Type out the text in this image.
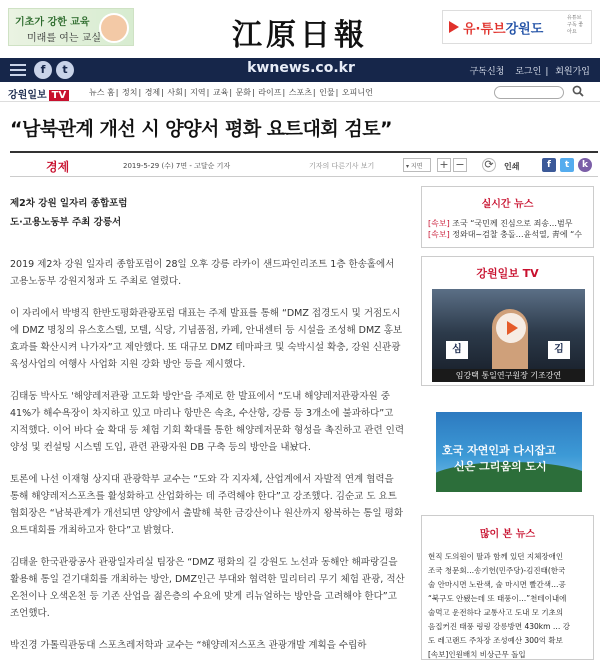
기초가 강한 교육
미래를 여는 교실	江原日報	유·튜브강원도
유튜브 구독 좋아요
f	t	kwnews.co.kr	구독신청 로그인 | 회원가입
강원일보 TV	뉴스 홈| 정치| 경제| 사회| 지역| 교육| 문화| 라이프| 스포츠| 인물| 오피니언
“남북관계 개선 시 양양서 평화 요트대회 검토”
경제	2019-5-29 (수) 7면 - 고달순 기자	기자의 다른기사 보기	▾ 지면	+ − ⟳ 인쇄	f	t	k
제2차 강원 일자리 종합포럼
도·고용노동부 주최 강릉서

2019 제2차 강원 일자리 종합포럼이 28일 오후 강릉 라카이 샌드파인리조트 1층 한송홀에서 고용노동부 강원지청과 도 주최로 열렸다.

이 자리에서 박병직 한반도평화관광포럼 대표는 주제 발표를 통해 “DMZ 접경도시 및 거점도시에 DMZ 명칭의 유스호스텔, 모텔, 식당, 기념품점, 카페, 안내센터 등 시설을 조성해 DMZ 홍보 효과를 확산시켜 나가자”고 제안했다. 또 대규모 DMZ 테마파크 및 숙박시설 확충, 강원 신관광 육성사업의 여행사 사업화 지원 강화 방안 등을 제시했다.

김태동 박사도 '해양레저관광 고도화 방안'을 주제로 한 발표에서 “도내 해양레저관광자원 중 41%가 해수욕장이 차지하고 있고 마리나 항만은 속초, 수산항, 강릉 등 3개소에 불과하다”고 지적했다. 이어 바다 숲 확대 등 체험 기회 확대를 통한 해양레저문화 형성을 촉진하고 관련 인력 양성 및 컨설팅 시스템 도입, 관련 관광자원 DB 구축 등의 방안을 내놨다.

토론에 나선 이재형 상지대 관광학부 교수는 “도와 각 지자체, 산업계에서 자발적 연계 협력을 통해 해양레저스포츠를 활성화하고 산업화하는 데 주력해야 한다”고 강조했다. 김순교 도 요트협회장은 “남북관계가 개선되면 양양에서 출발해 북한 금강산이나 원산까지 왕복하는 통일 평화 요트대회를 개최하고자 한다”고 밝혔다.

김태윤 한국관광공사 관광일자리실 팀장은 “DMZ 평화의 길 강원도 노선과 동해안 해파랑길을 활용해 통일 걷기대회를 개최하는 방안, DMZ인근 부대와 협력한 밀리터리 무기 체험 관광, 적산온천이나 오색온천 등 기존 산업을 젊은층의 수요에 맞게 리뉴얼하는 방안을 고려해야 한다”고 조언했다.

박진경 가톨릭관동대 스포츠레저학과 교수는 “해양레저스포츠 관광개발 계획을 수립하

실시간 뉴스
[속보] 조국 “국민께 진심으로 죄송…범무
[속보] 정와대~검찰 충돌…윤석열, 靑에 “수
강원일보 TV
심	김
임강택 통일연구원장 기조강연
호국 자연인과 다시잡고
신은 그리움의 도시
많이 본 뉴스
현직 도의원이 딸과 함께 있던 지체장애인
조국 청문회…송기헌(민주당)-김진태(한국
술 안마시면 노란색, 술 마시면 빨간색…공
“북구도 안됐는데 또 태풍이…”천테이내에
술먹고 운전하다 교통사고 도내 모 기초의
음집커진 태풍 링링 강릉방면 430km … 강
도 레고랜드 주차장 조성예산 300억 확보
[속보]인원배치 비상근무 돌입
